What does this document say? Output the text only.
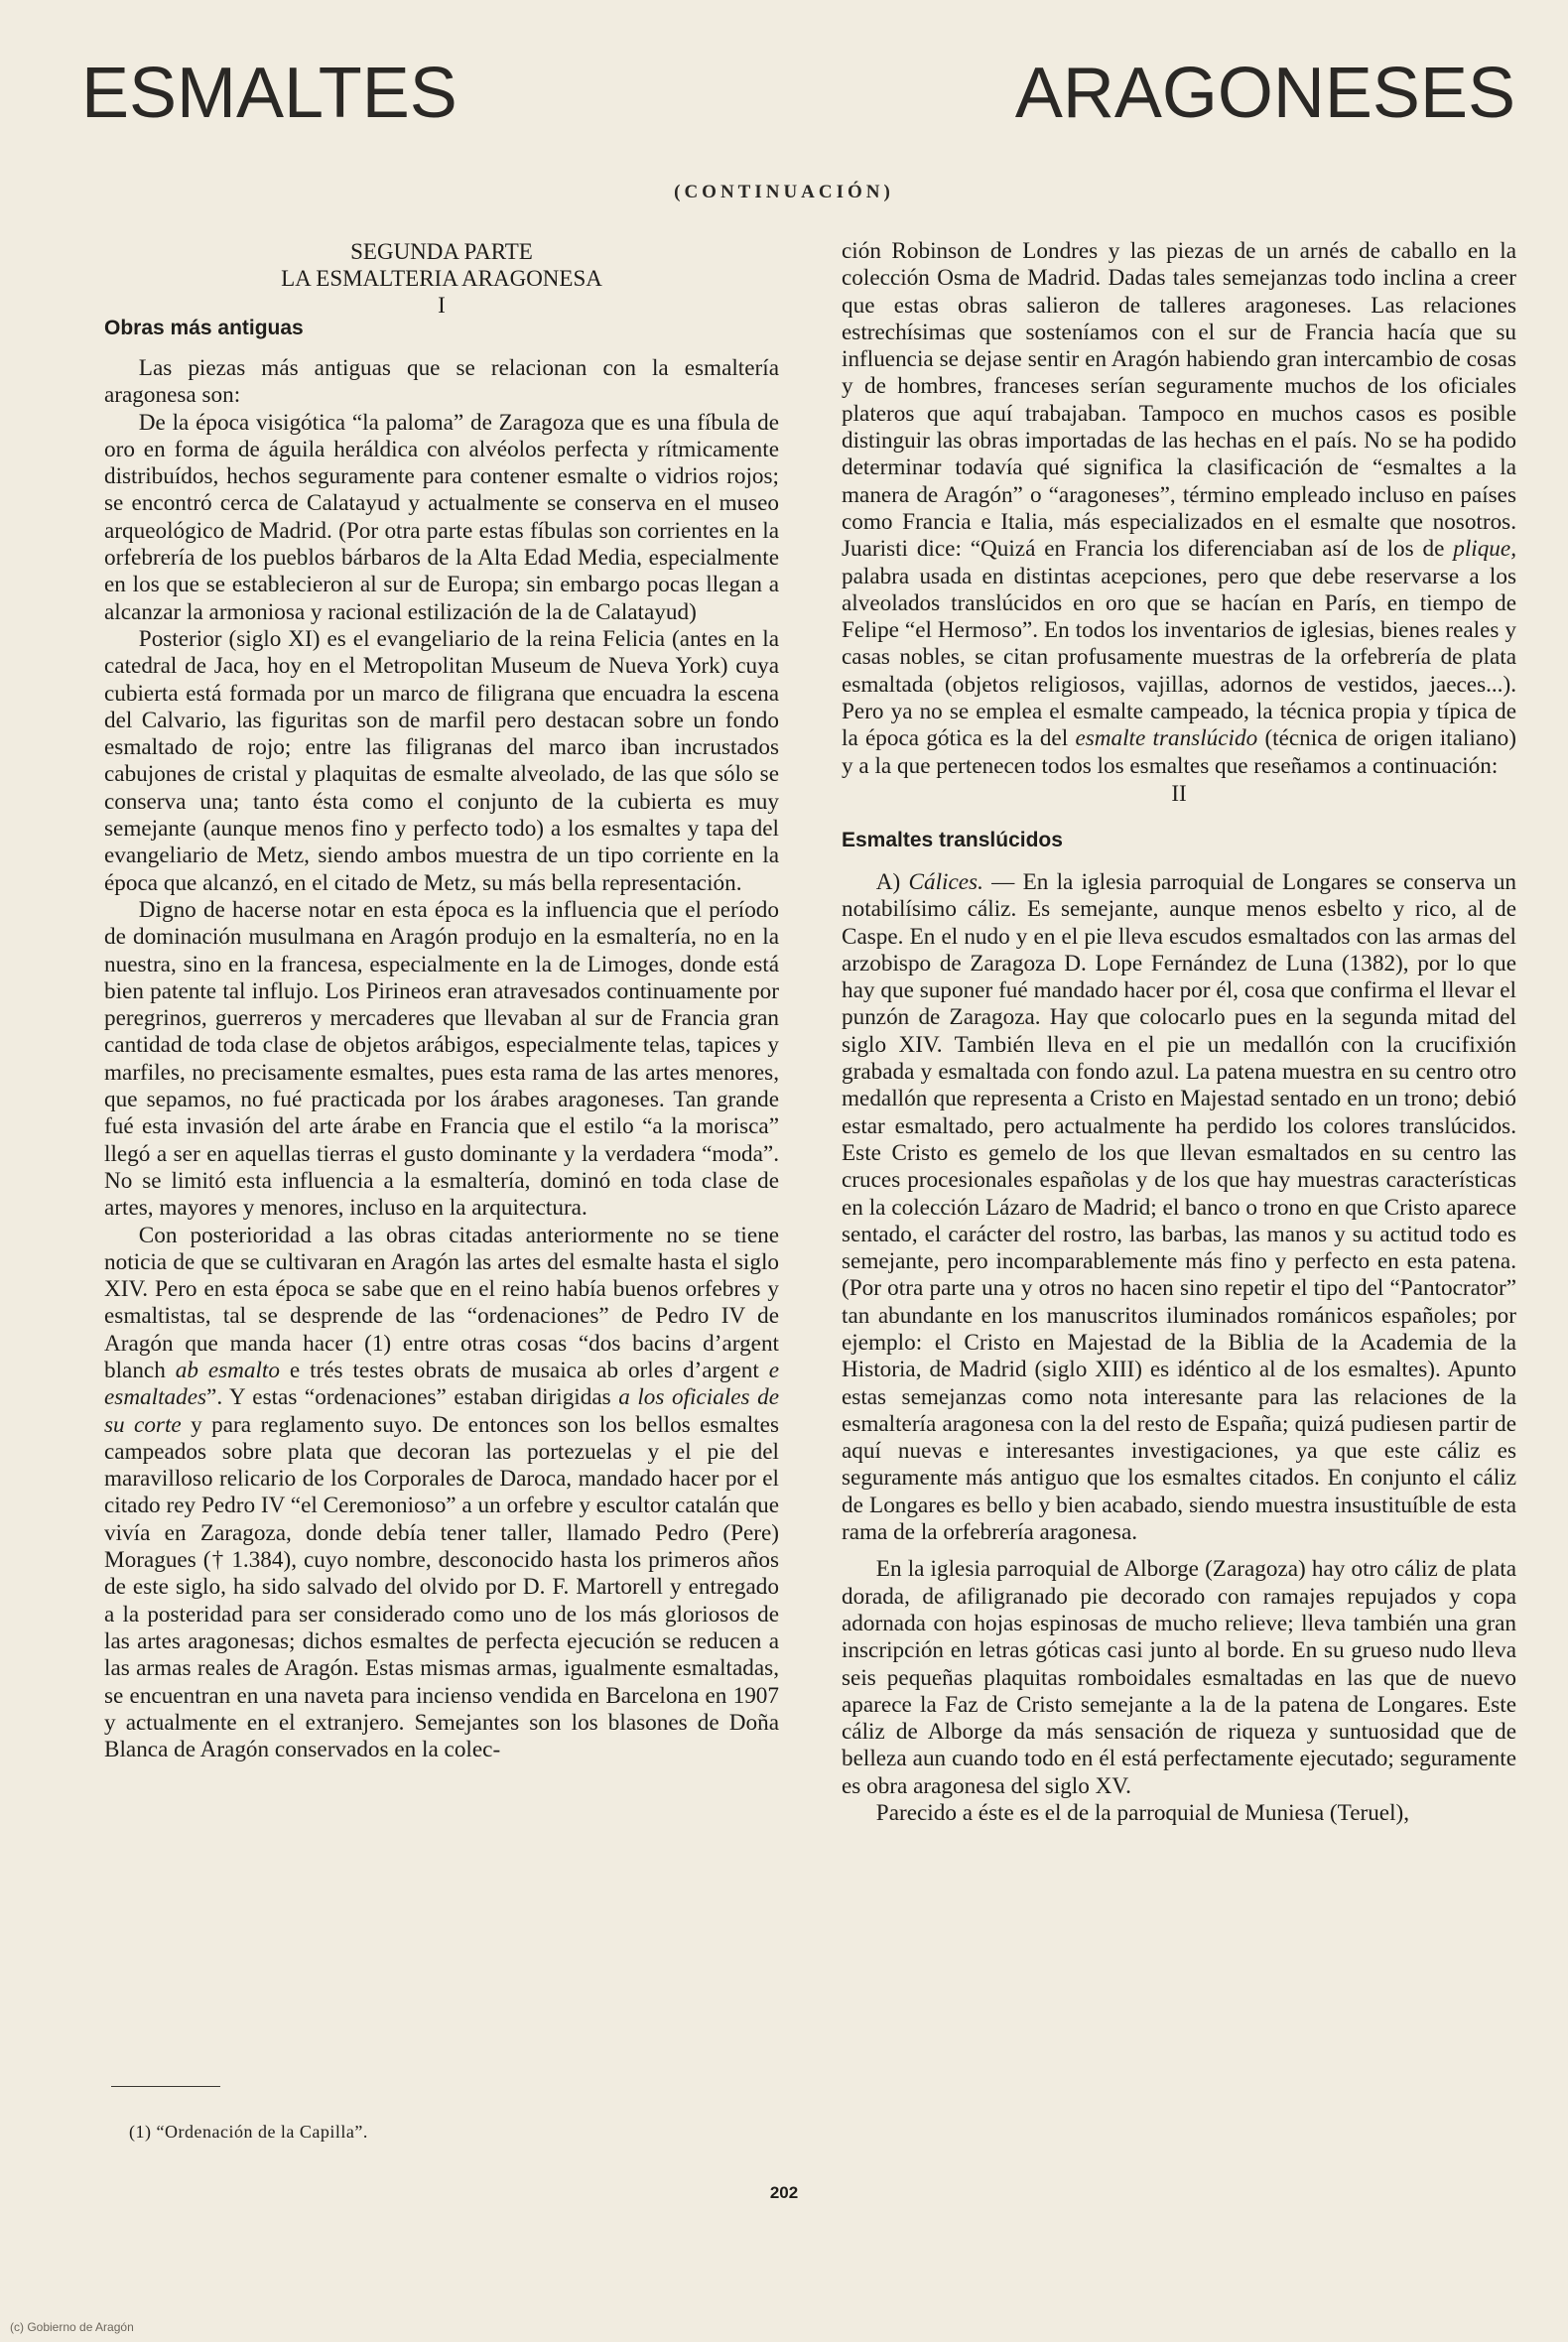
ESMALTES	ARAGONESES

(CONTINUACIÓN)

SEGUNDA PARTE

LA ESMALTERIA ARAGONESA

I

Obras más antiguas

Las piezas más antiguas que se relacionan con la esmaltería aragonesa son:

De la época visigótica “la paloma” de Zaragoza que es una fíbula de oro en forma de águila heráldica con alvéolos perfecta y rítmicamente distribuídos, hechos seguramente para contener esmalte o vidrios rojos; se encontró cerca de Calatayud y actualmente se conserva en el museo arqueológico de Madrid. (Por otra parte estas fíbulas son corrientes en la orfebrería de los pueblos bárbaros de la Alta Edad Media, especialmente en los que se establecieron al sur de Europa; sin embargo pocas llegan a alcanzar la armoniosa y racional estilización de la de Calatayud)

Posterior (siglo XI) es el evangeliario de la reina Felicia (antes en la catedral de Jaca, hoy en el Metropolitan Museum de Nueva York) cuya cubierta está formada por un marco de filigrana que encuadra la escena del Calvario, las figuritas son de marfil pero destacan sobre un fondo esmaltado de rojo; entre las filigranas del marco iban incrustados cabujones de cristal y plaquitas de esmalte alveolado, de las que sólo se conserva una; tanto ésta como el conjunto de la cubierta es muy semejante (aunque menos fino y perfecto todo) a los esmaltes y tapa del evangeliario de Metz, siendo ambos muestra de un tipo corriente en la época que alcanzó, en el citado de Metz, su más bella representación.

Digno de hacerse notar en esta época es la influencia que el período de dominación musulmana en Aragón produjo en la esmaltería, no en la nuestra, sino en la francesa, especialmente en la de Limoges, donde está bien patente tal influjo. Los Pirineos eran atravesados continuamente por peregrinos, guerreros y mercaderes que llevaban al sur de Francia gran cantidad de toda clase de objetos arábigos, especialmente telas, tapices y marfiles, no precisamente esmaltes, pues esta rama de las artes menores, que sepamos, no fué practicada por los árabes aragoneses. Tan grande fué esta invasión del arte árabe en Francia que el estilo “a la morisca” llegó a ser en aquellas tierras el gusto dominante y la verdadera “moda”. No se limitó esta influencia a la esmaltería, dominó en toda clase de artes, mayores y menores, incluso en la arquitectura.

Con posterioridad a las obras citadas anteriormente no se tiene noticia de que se cultivaran en Aragón las artes del esmalte hasta el siglo XIV. Pero en esta época se sabe que en el reino había buenos orfebres y esmaltistas, tal se desprende de las “ordenaciones” de Pedro IV de Aragón que manda hacer (1) entre otras cosas “dos bacins d’argent blanch ab esmalto e trés testes obrats de musaica ab orles d’argent e esmaltades”. Y estas “ordenaciones” estaban dirigidas a los oficiales de su corte y para reglamento suyo. De entonces son los bellos esmaltes campeados sobre plata que decoran las portezuelas y el pie del maravilloso relicario de los Corporales de Daroca, mandado hacer por el citado rey Pedro IV “el Ceremonioso” a un orfebre y escultor catalán que vivía en Zaragoza, donde debía tener taller, llamado Pedro (Pere) Moragues († 1.384), cuyo nombre, desconocido hasta los primeros años de este siglo, ha sido salvado del olvido por D. F. Martorell y entregado a la posteridad para ser considerado como uno de los más gloriosos de las artes aragonesas; dichos esmaltes de perfecta ejecución se reducen a las armas reales de Aragón. Estas mismas armas, igualmente esmaltadas, se encuentran en una naveta para incienso vendida en Barcelona en 1907 y actualmente en el extranjero. Semejantes son los blasones de Doña Blanca de Aragón conservados en la colec-

ción Robinson de Londres y las piezas de un arnés de caballo en la colección Osma de Madrid. Dadas tales semejanzas todo inclina a creer que estas obras salieron de talleres aragoneses. Las relaciones estrechísimas que sosteníamos con el sur de Francia hacía que su influencia se dejase sentir en Aragón habiendo gran intercambio de cosas y de hombres, franceses serían seguramente muchos de los oficiales plateros que aquí trabajaban. Tampoco en muchos casos es posible distinguir las obras importadas de las hechas en el país. No se ha podido determinar todavía qué significa la clasificación de “esmaltes a la manera de Aragón” o “aragoneses”, término empleado incluso en países como Francia e Italia, más especializados en el esmalte que nosotros. Juaristi dice: “Quizá en Francia los diferenciaban así de los de plique, palabra usada en distintas acepciones, pero que debe reservarse a los alveolados translúcidos en oro que se hacían en París, en tiempo de Felipe “el Hermoso”. En todos los inventarios de iglesias, bienes reales y casas nobles, se citan profusamente muestras de la orfebrería de plata esmaltada (objetos religiosos, vajillas, adornos de vestidos, jaeces...). Pero ya no se emplea el esmalte campeado, la técnica propia y típica de la época gótica es la del esmalte translúcido (técnica de origen italiano) y a la que pertenecen todos los esmaltes que reseñamos a continuación:

II

Esmaltes translúcidos

A) Cálices. — En la iglesia parroquial de Longares se conserva un notabilísimo cáliz. Es semejante, aunque menos esbelto y rico, al de Caspe. En el nudo y en el pie lleva escudos esmaltados con las armas del arzobispo de Zaragoza D. Lope Fernández de Luna (1382), por lo que hay que suponer fué mandado hacer por él, cosa que confirma el llevar el punzón de Zaragoza. Hay que colocarlo pues en la segunda mitad del siglo XIV. También lleva en el pie un medallón con la crucifixión grabada y esmaltada con fondo azul. La patena muestra en su centro otro medallón que representa a Cristo en Majestad sentado en un trono; debió estar esmaltado, pero actualmente ha perdido los colores translúcidos. Este Cristo es gemelo de los que llevan esmaltados en su centro las cruces procesionales españolas y de los que hay muestras características en la colección Lázaro de Madrid; el banco o trono en que Cristo aparece sentado, el carácter del rostro, las barbas, las manos y su actitud todo es semejante, pero incomparablemente más fino y perfecto en esta patena. (Por otra parte una y otros no hacen sino repetir el tipo del “Pantocrator” tan abundante en los manuscritos iluminados románicos españoles; por ejemplo: el Cristo en Majestad de la Biblia de la Academia de la Historia, de Madrid (siglo XIII) es idéntico al de los esmaltes). Apunto estas semejanzas como nota interesante para las relaciones de la esmaltería aragonesa con la del resto de España; quizá pudiesen partir de aquí nuevas e interesantes investigaciones, ya que este cáliz es seguramente más antiguo que los esmaltes citados. En conjunto el cáliz de Longares es bello y bien acabado, siendo muestra insustituíble de esta rama de la orfebrería aragonesa.

En la iglesia parroquial de Alborge (Zaragoza) hay otro cáliz de plata dorada, de afiligranado pie decorado con ramajes repujados y copa adornada con hojas espinosas de mucho relieve; lleva también una gran inscripción en letras góticas casi junto al borde. En su grueso nudo lleva seis pequeñas plaquitas romboidales esmaltadas en las que de nuevo aparece la Faz de Cristo semejante a la de la patena de Longares. Este cáliz de Alborge da más sensación de riqueza y suntuosidad que de belleza aun cuando todo en él está perfectamente ejecutado; seguramente es obra aragonesa del siglo XV.

Parecido a éste es el de la parroquial de Muniesa (Teruel),

(1) “Ordenación de la Capilla”.

202

(c) Gobierno de Aragón
